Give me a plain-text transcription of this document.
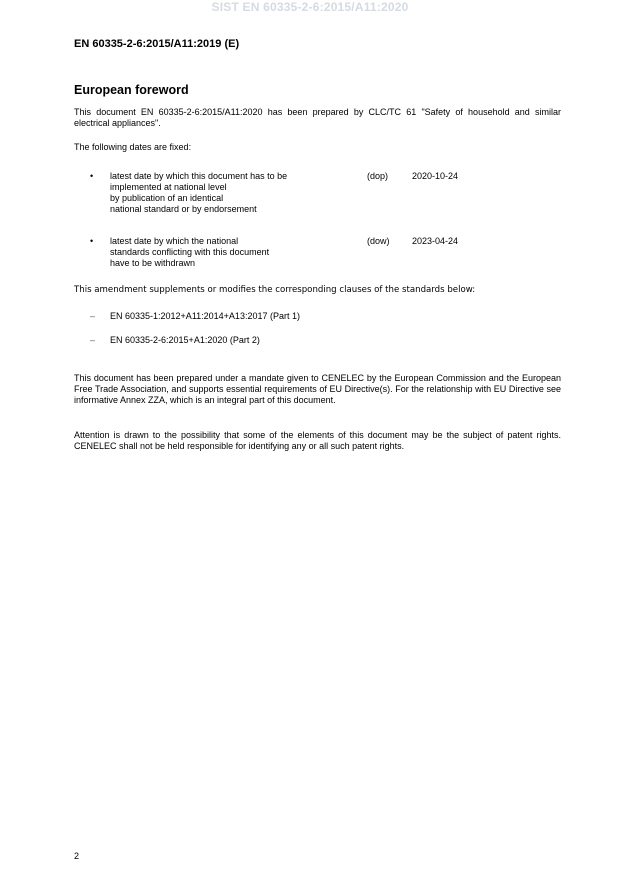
SIST EN 60335-2-6:2015/A11:2020
EN 60335-2-6:2015/A11:2019 (E)
European foreword
This document EN 60335-2-6:2015/A11:2020 has been prepared by CLC/TC 61 "Safety of household and similar electrical appliances".
The following dates are fixed:
• latest date by which this document has to be
implemented at national level
by publication of an identical
national standard or by endorsement
(dop)	2020-10-24
• latest date by which the national
standards conflicting with this document
have to be withdrawn
(dow) 2023-04-24
This amendment supplements or modifies the corresponding clauses of the standards below:
– EN 60335-1:2012+A11:2014+A13:2017 (Part 1)
– EN 60335-2-6:2015+A1:2020 (Part 2)
This document has been prepared under a mandate given to CENELEC by the European Commission and the European Free Trade Association, and supports essential requirements of EU Directive(s). For the relationship with EU Directive see informative Annex ZZA, which is an integral part of this document.
Attention is drawn to the possibility that some of the elements of this document may be the subject of patent rights. CENELEC shall not be held responsible for identifying any or all such patent rights.
2
